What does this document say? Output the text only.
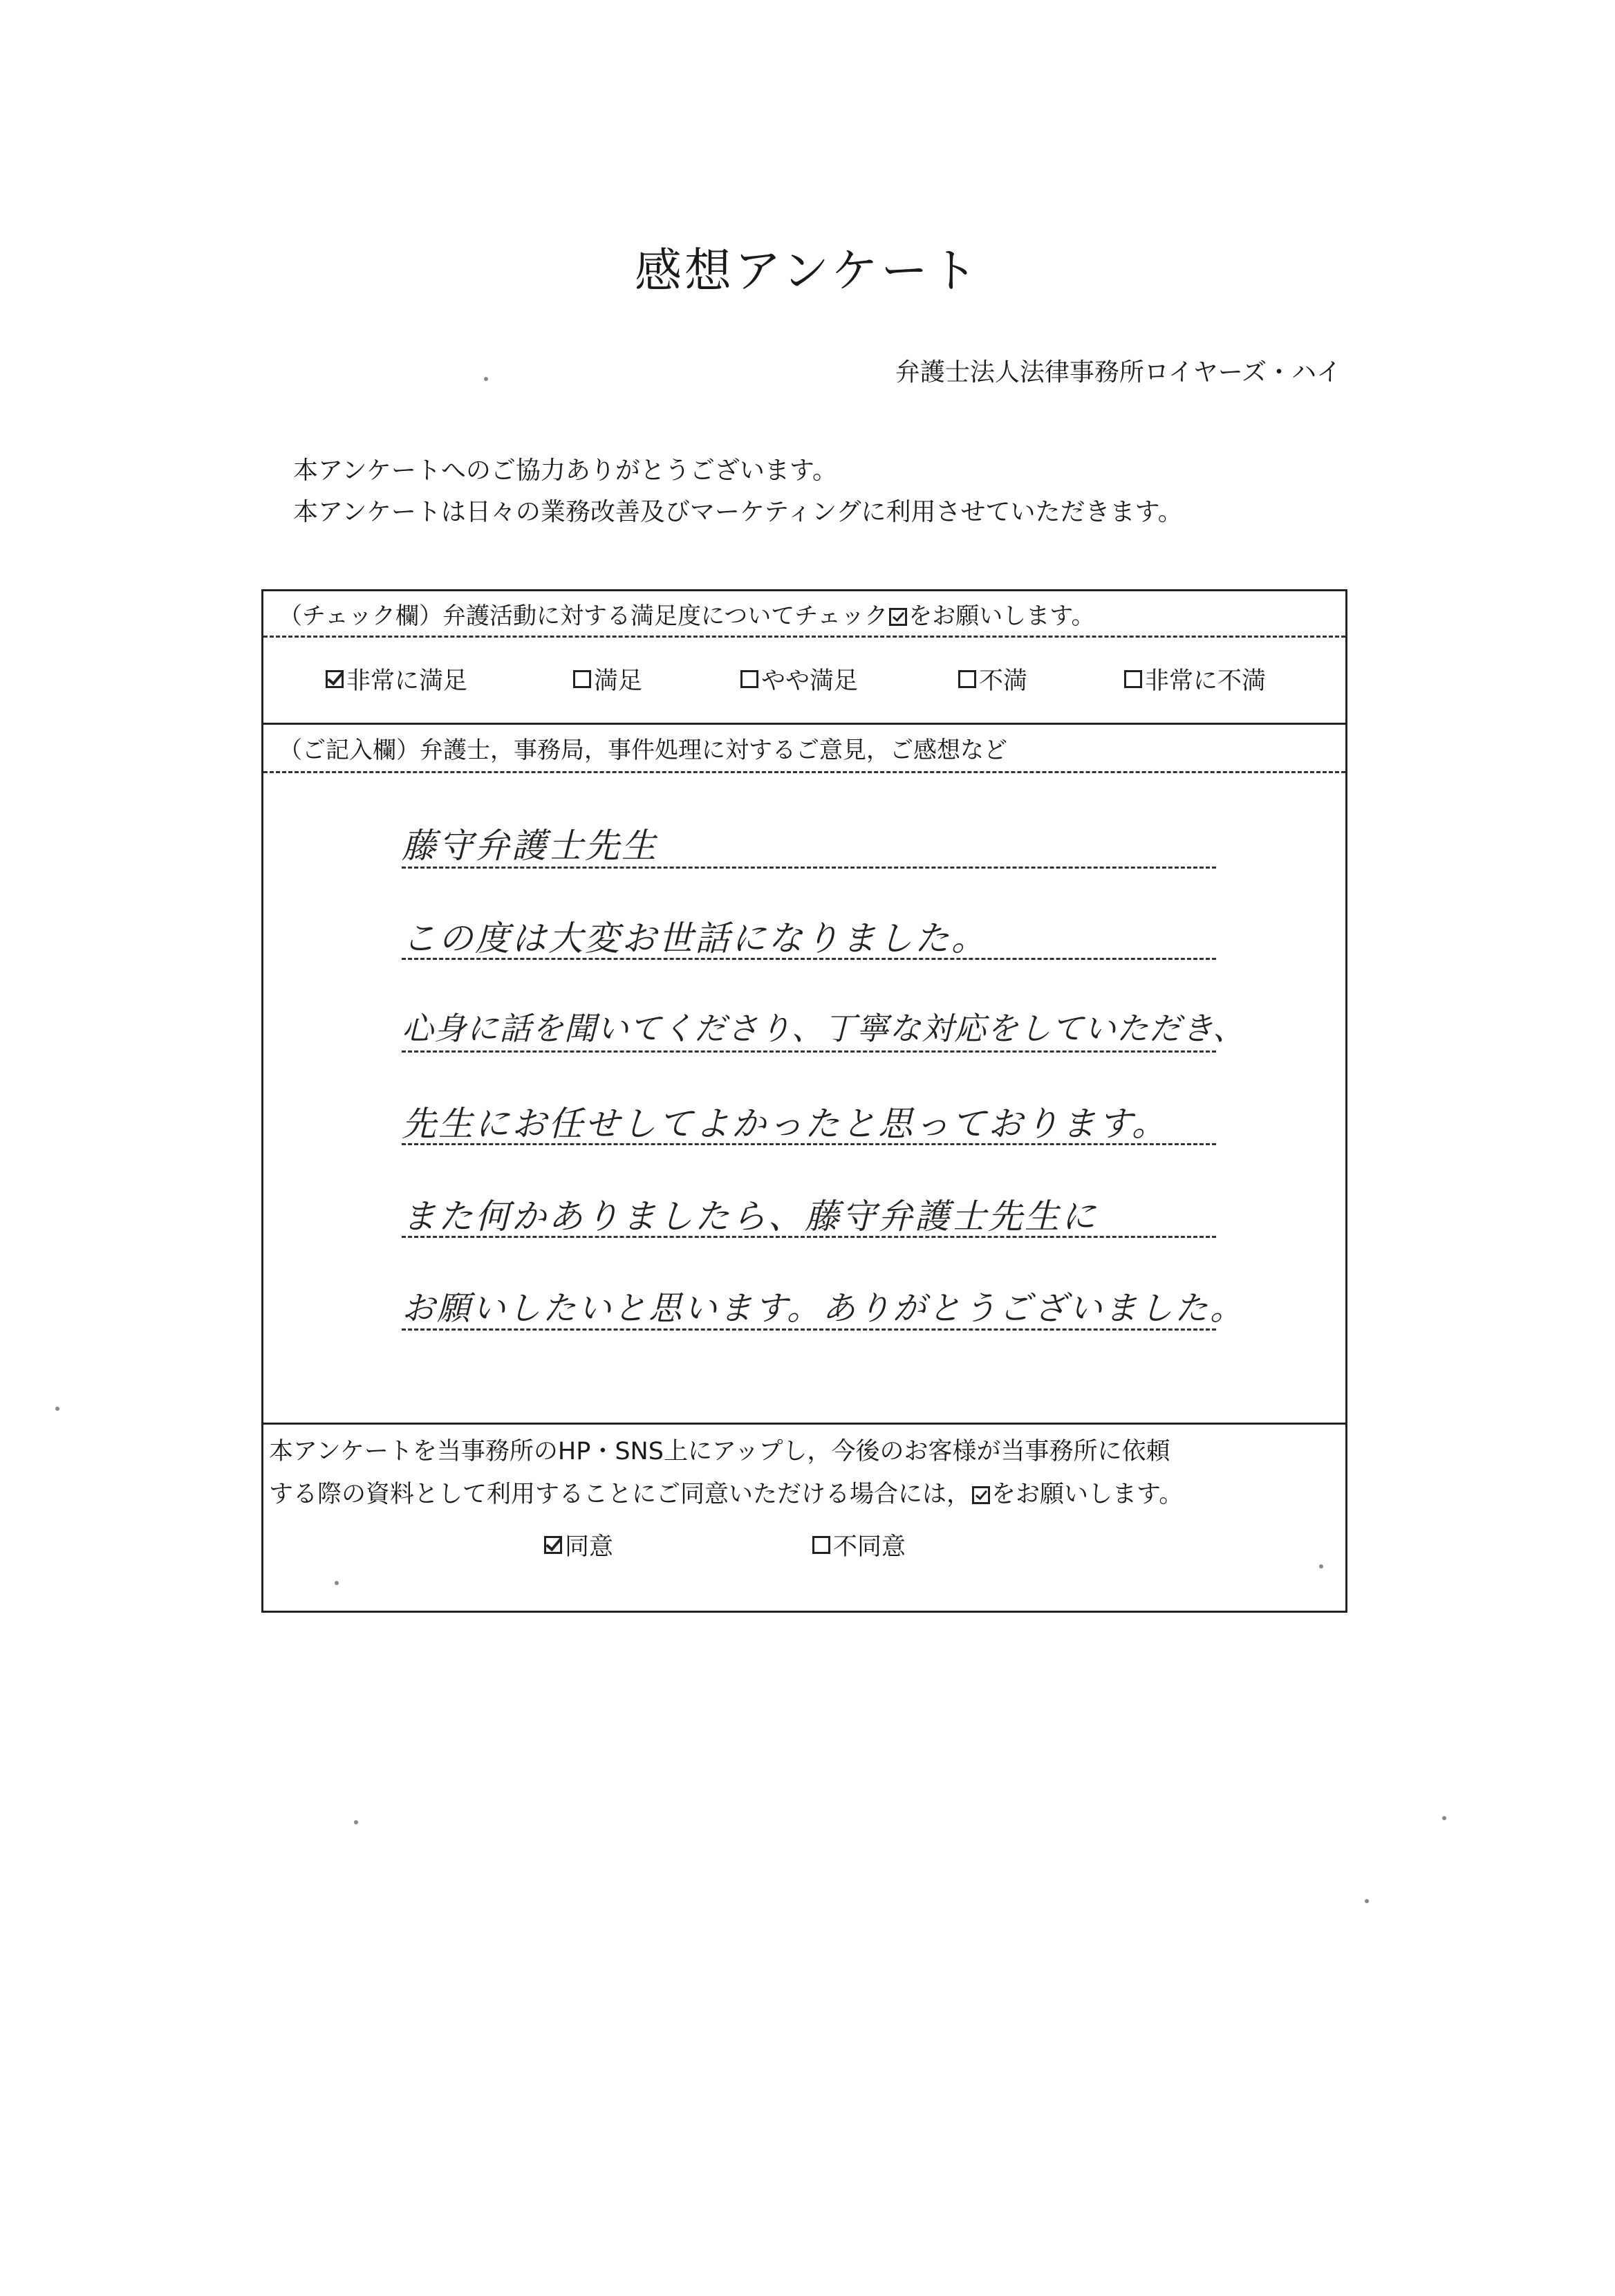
感想アンケート
弁護士法人法律事務所ロイヤーズ・ハイ
本アンケートへのご協力ありがとうございます。
本アンケートは日々の業務改善及びマーケティングに利用させていただきます。
（チェック欄）弁護活動に対する満足度についてチェック をお願いします。
非常に満足	満足	やや満足	不満	非常に不満
（ご記入欄）弁護士，事務局，事件処理に対するご意見，ご感想など
藤守弁護士先生
この度は大変お世話になりました。
心身に話を聞いてくださり、丁寧な対応をしていただき、
先生にお任せしてよかったと思っております。
また何かありましたら、藤守弁護士先生に
お願いしたいと思います。ありがとうございました。
本アンケートを当事務所のHP・SNS上にアップし，今後のお客様が当事務所に依頼
する際の資料として利用することにご同意いただける場合には， をお願いします。
同意	不同意
